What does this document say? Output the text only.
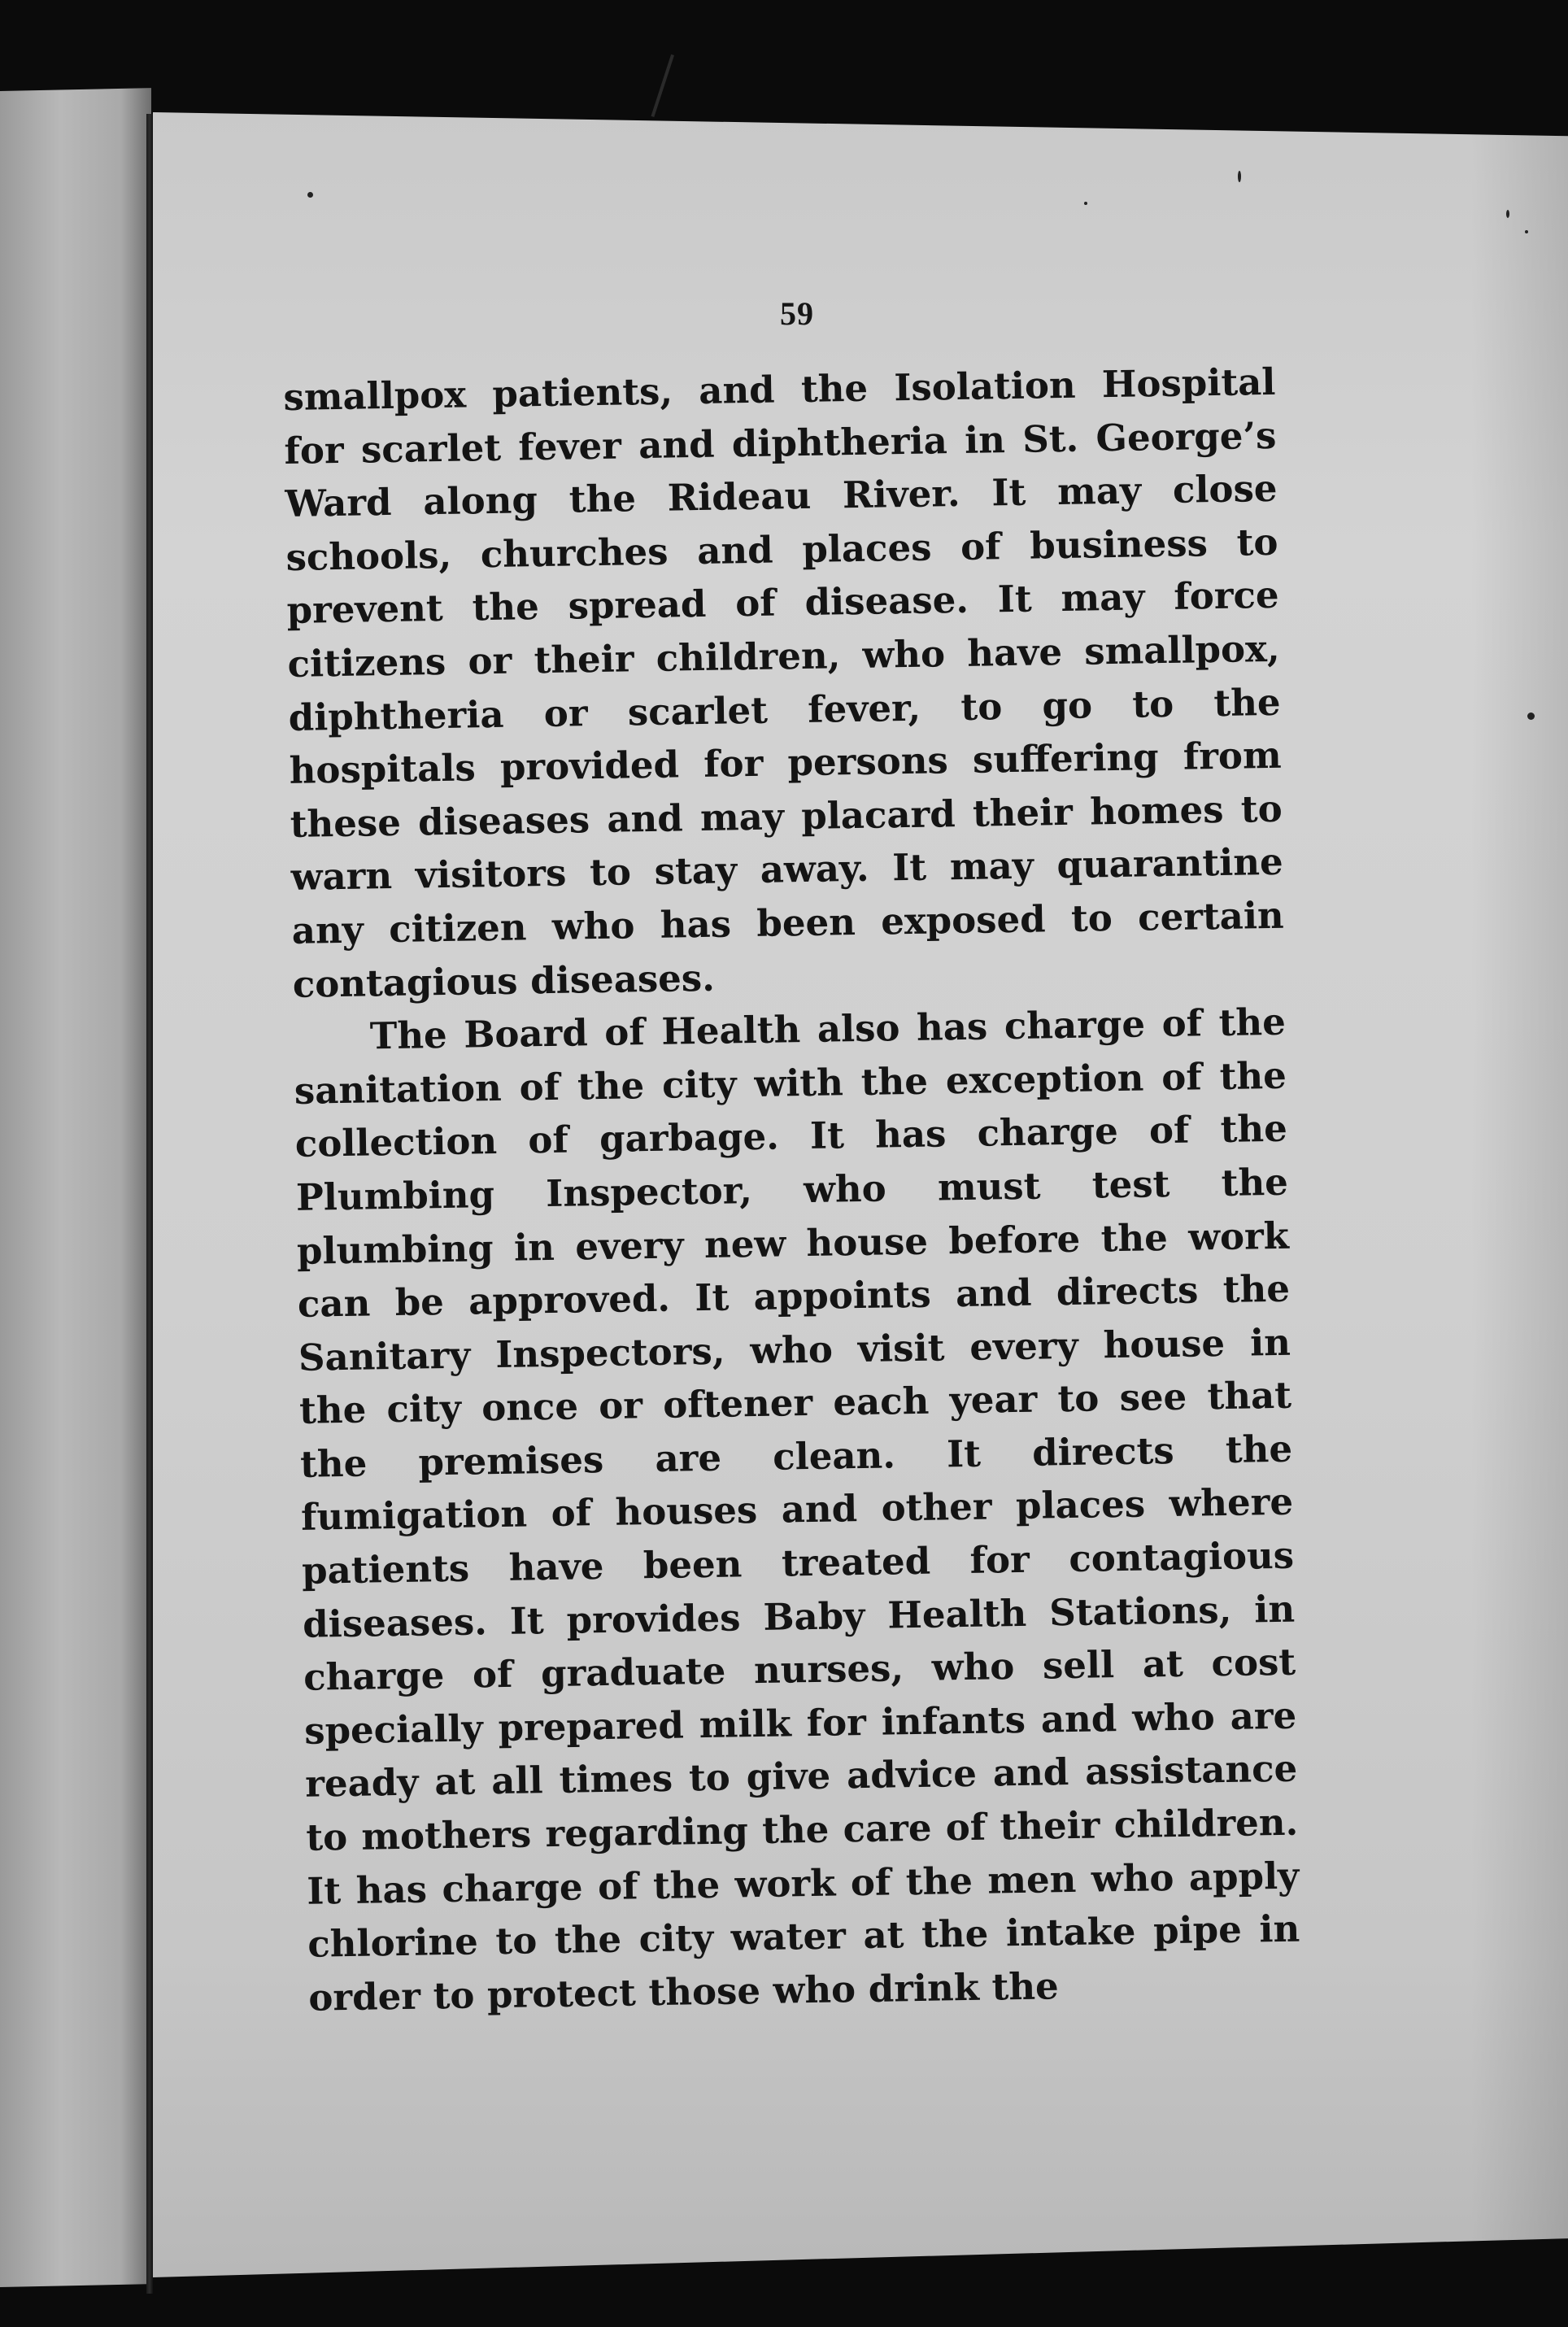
59

smallpox patients, and the Isolation Hospital for scarlet fever and diphtheria in St. George’s Ward along the Rideau River. It may close schools, churches and places of business to prevent the spread of disease. It may force citizens or their children, who have smallpox, diphtheria or scarlet fever, to go to the hospitals provided for persons suffering from these diseases and may placard their homes to warn visitors to stay away. It may quarantine any citizen who has been exposed to certain contagious diseases.

The Board of Health also has charge of the sanitation of the city with the exception of the collection of garbage. It has charge of the Plumbing Inspector, who must test the plumbing in every new house before the work can be approved. It appoints and directs the Sanitary Inspectors, who visit every house in the city once or oftener each year to see that the premises are clean. It directs the fumigation of houses and other places where patients have been treated for contagious diseases. It provides Baby Health Stations, in charge of graduate nurses, who sell at cost specially prepared milk for infants and who are ready at all times to give advice and assistance to mothers regarding the care of their children. It has charge of the work of the men who apply chlorine to the city water at the intake pipe in order to protect those who drink the
